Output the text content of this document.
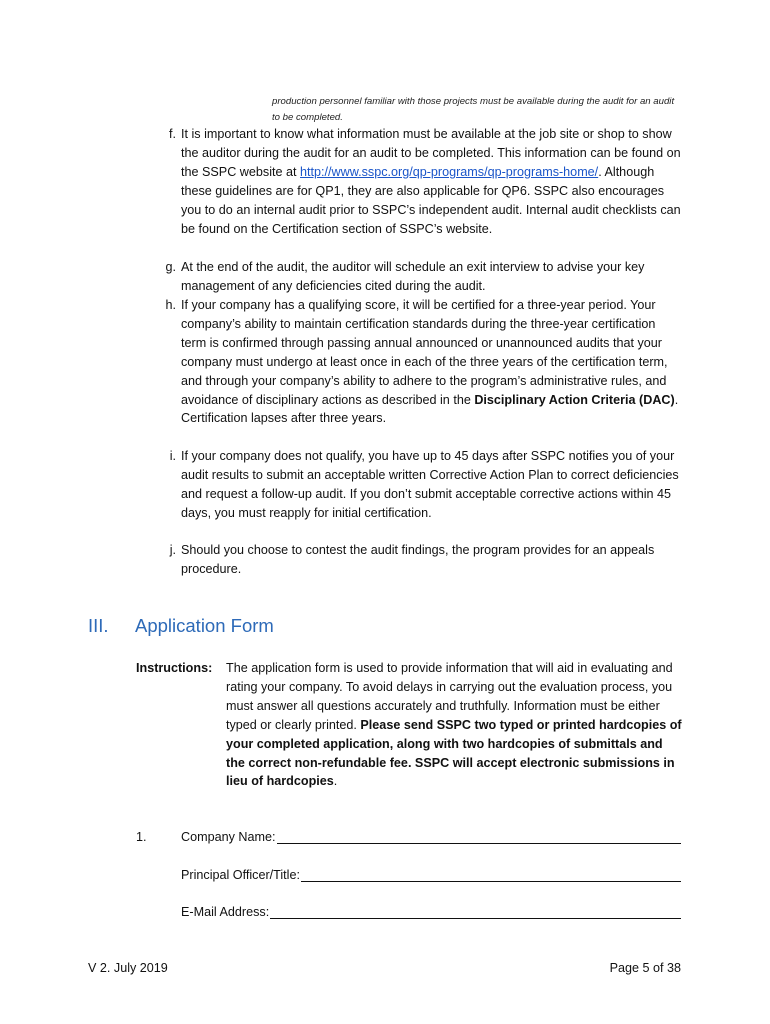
production personnel familiar with those projects must be available during the audit for an audit to be completed.
f. It is important to know what information must be available at the job site or shop to show the auditor during the audit for an audit to be completed. This information can be found on the SSPC website at http://www.sspc.org/qp-programs/qp-programs-home/. Although these guidelines are for QP1, they are also applicable for QP6. SSPC also encourages you to do an internal audit prior to SSPC’s independent audit. Internal audit checklists can be found on the Certification section of SSPC’s website.
g. At the end of the audit, the auditor will schedule an exit interview to advise your key management of any deficiencies cited during the audit.
h. If your company has a qualifying score, it will be certified for a three-year period. Your company’s ability to maintain certification standards during the three-year certification term is confirmed through passing annual announced or unannounced audits that your company must undergo at least once in each of the three years of the certification term, and through your company’s ability to adhere to the program’s administrative rules, and avoidance of disciplinary actions as described in the Disciplinary Action Criteria (DAC). Certification lapses after three years.
i. If your company does not qualify, you have up to 45 days after SSPC notifies you of your audit results to submit an acceptable written Corrective Action Plan to correct deficiencies and request a follow-up audit. If you don’t submit acceptable corrective actions within 45 days, you must reapply for initial certification.
j. Should you choose to contest the audit findings, the program provides for an appeals procedure.
III. Application Form
Instructions: The application form is used to provide information that will aid in evaluating and rating your company. To avoid delays in carrying out the evaluation process, you must answer all questions accurately and truthfully. Information must be either typed or clearly printed. Please send SSPC two typed or printed hardcopies of your completed application, along with two hardcopies of submittals and the correct non-refundable fee. SSPC will accept electronic submissions in lieu of hardcopies.
1.	Company Name:
Principal Officer/Title:
E-Mail Address:
V 2. July 2019	Page 5 of 38
